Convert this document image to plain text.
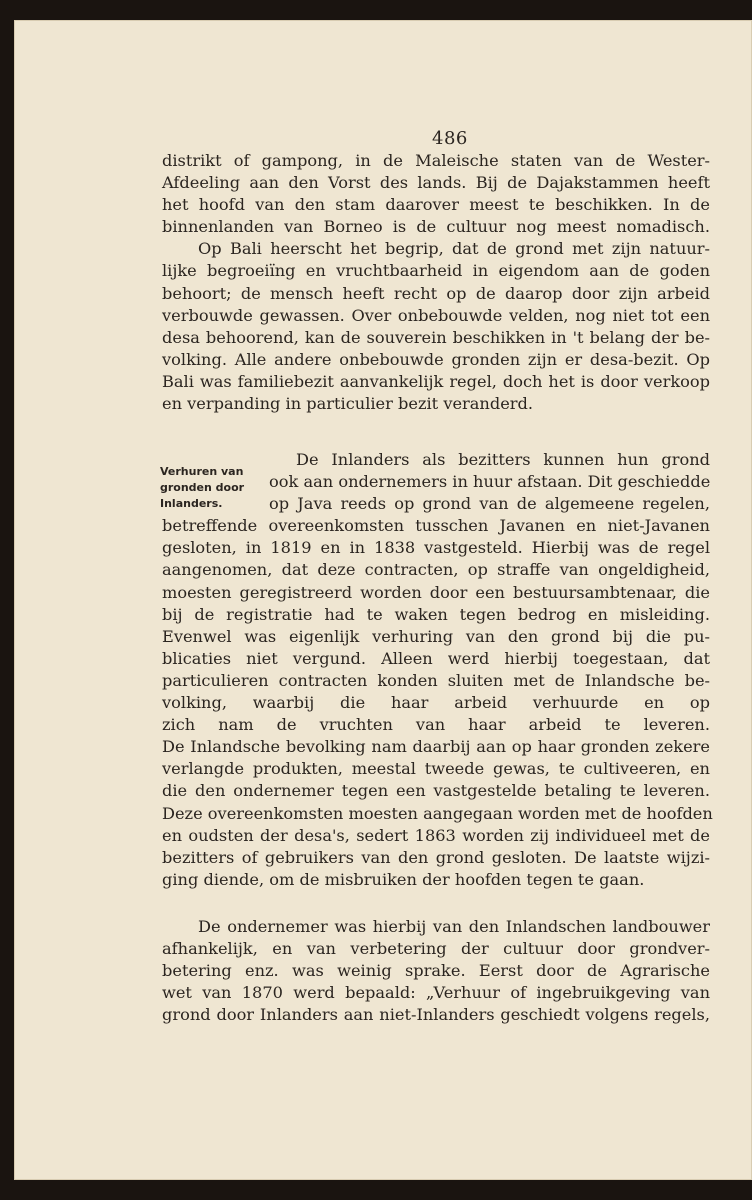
486

distrikt of gampong, in de Maleische staten van de Wester-
Afdeeling aan den Vorst des lands. Bij de Dajakstammen heeft
het hoofd van den stam daarover meest te beschikken. In de
binnenlanden van Borneo is de cultuur nog meest nomadisch.
Op Bali heerscht het begrip, dat de grond met zijn natuur-
lijke begroeiïng en vruchtbaarheid in eigendom aan de goden
behoort; de mensch heeft recht op de daarop door zijn arbeid
verbouwde gewassen. Over onbebouwde velden, nog niet tot een
desa behoorend, kan de souverein beschikken in 't belang der be-
volking. Alle andere onbebouwde gronden zijn er desa-bezit. Op
Bali was familiebezit aanvankelijk regel, doch het is door verkoop
en verpanding in particulier bezit veranderd.

Verhuren van
gronden door
Inlanders.

De Inlanders als bezitters kunnen hun grond
ook aan ondernemers in huur afstaan. Dit geschiedde
op Java reeds op grond van de algemeene regelen,
betreffende overeenkomsten tusschen Javanen en niet-Javanen
gesloten, in 1819 en in 1838 vastgesteld. Hierbij was de regel
aangenomen, dat deze contracten, op straffe van ongeldigheid,
moesten geregistreerd worden door een bestuursambtenaar, die
bij de registratie had te waken tegen bedrog en misleiding.
Evenwel was eigenlijk verhuring van den grond bij die pu-
blicaties niet vergund. Alleen werd hierbij toegestaan, dat
particulieren contracten konden sluiten met de Inlandsche be-
volking, waarbij die haar arbeid verhuurde en op
zich nam de vruchten van haar arbeid te leveren.
De Inlandsche bevolking nam daarbij aan op haar gronden zekere
verlangde produkten, meestal tweede gewas, te cultiveeren, en
die den ondernemer tegen een vastgestelde betaling te leveren.
Deze overeenkomsten moesten aangegaan worden met de hoofden
en oudsten der desa's, sedert 1863 worden zij individueel met de
bezitters of gebruikers van den grond gesloten. De laatste wijzi-
ging diende, om de misbruiken der hoofden tegen te gaan.

De ondernemer was hierbij van den Inlandschen landbouwer
afhankelijk, en van verbetering der cultuur door grondver-
betering enz. was weinig sprake. Eerst door de Agrarische
wet van 1870 werd bepaald: „Verhuur of ingebruikgeving van
grond door Inlanders aan niet-Inlanders geschiedt volgens regels,
